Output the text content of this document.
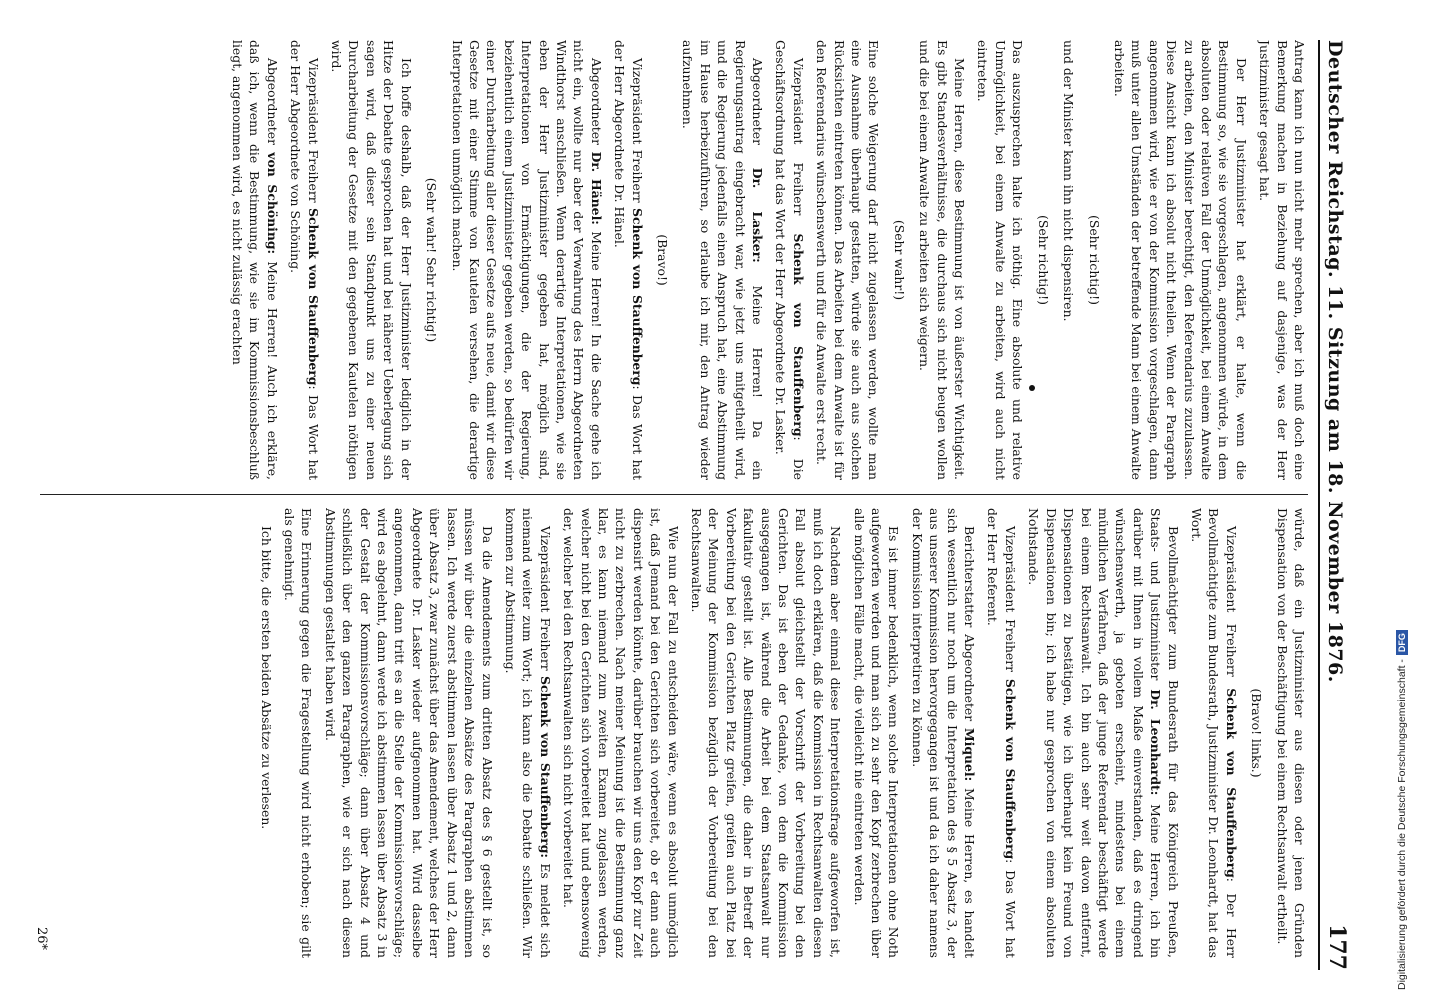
Deutscher Reichstag. 11. Sitzung am 18. November 1876.
177

Antrag kann ich nun nicht mehr sprechen, aber ich muß doch eine Bemerkung machen in Beziehung auf dasjenige, was der Herr Justizminister gesagt hat.

Der Herr Justizminister hat erklärt, er halte, wenn die Bestimmung so, wie sie vorgeschlagen, angenommen würde, in dem absoluten oder relativen Fall der Unmöglichkeit, bei einem Anwalte zu arbeiten, den Minister berechtigt, den Referendarius zuzulassen. Diese Ansicht kann ich absolut nicht theilen. Wenn der Paragraph angenommen wird, wie er von der Kommission vorgeschlagen, dann muß unter allen Umständen der betreffende Mann bei einem Anwalte arbeiten.

(Sehr richtig!)

und der Minister kann ihn nicht dispensiren.

(Sehr richtig!)

Das auszusprechen halte ich nöthig. Eine absolute und relative Unmöglichkeit, bei einem Anwalte zu arbeiten, wird auch nicht eintreten.

Meine Herren, diese Bestimmung ist von äußerster Wichtigkeit. Es gibt Standesverhältnisse, die durchaus sich nicht beugen wollen und die bei einem Anwalte zu arbeiten sich weigern.

(Sehr wahr!)

Eine solche Weigerung darf nicht zugelassen werden, wollte man eine Ausnahme überhaupt gestatten, würde sie auch aus solchen Rücksichten eintreten können. Das Arbeiten bei dem Anwalte ist für den Referendarius wünschenswerth und für die Anwalte erst recht.

Vizepräsident Freiherr Schenk von Stauffenberg: Die Geschäftsordnung hat das Wort der Herr Abgeordnete Dr. Lasker.

Abgeordneter Dr. Lasker: Meine Herren! Da ein Regierungsantrag eingebracht war, wie jetzt uns mitgetheilt wird, und die Regierung jedenfalls einen Anspruch hat, eine Abstimmung im Hause herbeizuführen, so erlaube ich mir, den Antrag wieder aufzunehmen.

(Bravo!)

Vizepräsident Freiherr Schenk von Stauffenberg: Das Wort hat der Herr Abgeordnete Dr. Hänel.

Abgeordneter Dr. Hänel: Meine Herren! In die Sache gehe ich nicht ein, wollte nur aber der Verwahrung des Herrn Abgeordneten Windthorst anschließen. Wenn derartige Interpretationen, wie sie eben der Herr Justizminister gegeben hat, möglich sind, Interpretationen von Ermächtigungen, die der Regierung, beziehentlich einem Justizminister gegeben werden, so bedürfen wir einer Durcharbeitung aller dieser Gesetze aufs neue, damit wir diese Gesetze mit einer Stimme von Kautelen versehen, die derartige Interpretationen unmöglich machen.

(Sehr wahr! Sehr richtig!)

Ich hoffe deshalb, daß der Herr Justizminister lediglich in der Hitze der Debatte gesprochen hat und bei näherer Ueberlegung sich sagen wird, daß dieser sein Standpunkt uns zu einer neuen Durcharbeitung der Gesetze mit den gegebenen Kautelen nöthigen wird.

Vizepräsident Freiherr Schenk von Stauffenberg: Das Wort hat der Herr Abgeordnete von Schöning.

Abgeordneter von Schöning: Meine Herren! Auch ich erkläre, daß ich, wenn die Bestimmung, wie sie im Kommissionsbeschluß liegt, angenommen wird, es nicht zulässig erachten

würde, daß ein Justizminister aus diesen oder jenen Gründen Dispensation von der Beschäftigung bei einem Rechtsanwalt ertheilt.

(Bravo! links.)

Vizepräsident Freiherr Schenk von Stauffenberg: Der Herr Bevollmächtigte zum Bundesrath, Justizminister Dr. Leonhardt, hat das Wort.

Bevollmächtigter zum Bundesrath für das Königreich Preußen, Staats- und Justizminister Dr. Leonhardt: Meine Herren, ich bin darüber mit Ihnen in vollem Maße einverstanden, daß es dringend wünschenswerth, ja geboten erscheint, mindestens bei einem mündlichen Verfahren, daß der junge Referendar beschäftigt werde bei einem Rechtsanwalt. Ich bin auch sehr weit davon entfernt, Dispensationen zu bestätigen, wie ich überhaupt kein Freund von Dispensationen bin; ich habe nur gesprochen von einem absoluten Nothstande.

Vizepräsident Freiherr Schenk von Stauffenberg: Das Wort hat der Herr Referent.

Berichterstatter Abgeordneter Miquel: Meine Herren, es handelt sich wesentlich nur noch um die Interpretation des § 5 Absatz 3, der aus unserer Kommission hervorgegangen ist und da ich daher namens der Kommission interpretiren zu können.

Es ist immer bedenklich, wenn solche Interpretationen ohne Noth aufgeworfen werden und man sich zu sehr den Kopf zerbrechen über alle möglichen Fälle macht, die vielleicht nie eintreten werden.

Nachdem aber einmal diese Interpretationsfrage aufgeworfen ist, muß ich doch erklären, daß die Kommission in Rechtsanwalten diesen Fall absolut gleichstellt der Vorschrift der Vorbereitung bei den Gerichten. Das ist eben der Gedanke, von dem die Kommission ausgegangen ist, während die Arbeit bei dem Staatsanwalt nur fakultativ gestellt ist. Alle Bestimmungen, die daher in Betreff der Vorbereitung bei den Gerichten Platz greifen, greifen auch Platz bei der Meinung der Kommission bezüglich der Vorbereitung bei den Rechtsanwalten.

Wie nun der Fall zu entscheiden wäre, wenn es absolut unmöglich ist, daß Jemand bei den Gerichten sich vorbereitet, ob er dann auch dispensirt werden könnte, darüber brauchen wir uns den Kopf zur Zeit nicht zu zerbrechen. Nach meiner Meinung ist die Bestimmung ganz klar, es kann niemand zum zweiten Examen zugelassen werden, welcher nicht bei den Gerichten sich vorbereitet hat und ebensowenig der, welcher bei den Rechtsanwalten sich nicht vorbereitet hat.

Vizepräsident Freiherr Schenk von Stauffenberg: Es meldet sich niemand weiter zum Wort; ich kann also die Debatte schließen. Wir kommen zur Abstimmung.

Da die Amendements zum dritten Absatz des § 6 gestellt ist, so müssen wir über die einzelnen Absätze des Paragraphen abstimmen lassen. Ich werde zuerst abstimmen lassen über Absatz 1 und 2, dann über Absatz 3, zwar zunächst über das Amendement, welches der Herr Abgeordnete Dr. Lasker wieder aufgenommen hat. Wird dasselbe angenommen, dann tritt es an die Stelle der Kommissionsvorschläge; wird es abgelehnt, dann werde ich abstimmen lassen über Absatz 3 in der Gestalt der Kommissionsvorschläge; dann über Absatz 4 und schließlich über den ganzen Paragraphen, wie er sich nach diesen Abstimmungen gestaltet haben wird.

Eine Erinnerung gegen die Fragestellung wird nicht erhoben; sie gilt als genehmigt.

Ich bitte, die ersten beiden Absätze zu verlesen.

26*	Digitalisierung gefördert durch die Deutsche Forschungsgemeinschaft -DFG
